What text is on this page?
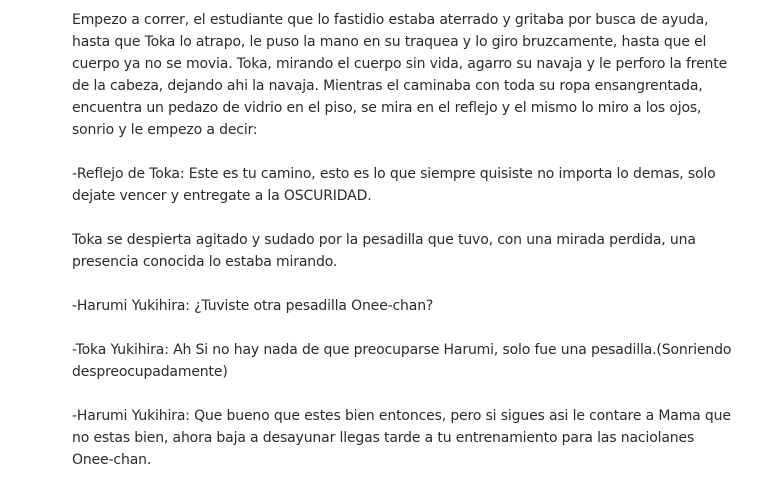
Empezo a correr, el estudiante que lo fastidio estaba aterrado y gritaba por busca de ayuda, hasta que Toka lo atrapo, le puso la mano en su traquea y lo giro bruzcamente, hasta que el cuerpo ya no se movia. Toka, mirando el cuerpo sin vida, agarro su navaja y le perforo la frente de la cabeza, dejando ahi la navaja. Mientras el caminaba con toda su ropa ensangrentada, encuentra un pedazo de vidrio en el piso, se mira en el reflejo y el mismo lo miro a los ojos, sonrio y le empezo a decir:

-Reflejo de Toka: Este es tu camino, esto es lo que siempre quisiste no importa lo demas, solo dejate vencer y entregate a la OSCURIDAD.

Toka se despierta agitado y sudado por la pesadilla que tuvo, con una mirada perdida, una presencia conocida lo estaba mirando.

-Harumi Yukihira: ¿Tuviste otra pesadilla Onee-chan?

-Toka Yukihira: Ah Si no hay nada de que preocuparse Harumi, solo fue una pesadilla.(Sonriendo despreocupadamente)

-Harumi Yukihira: Que bueno que estes bien entonces, pero si sigues asi le contare a Mama que no estas bien, ahora baja a desayunar llegas tarde a tu entrenamiento para las naciolanes Onee-chan.
